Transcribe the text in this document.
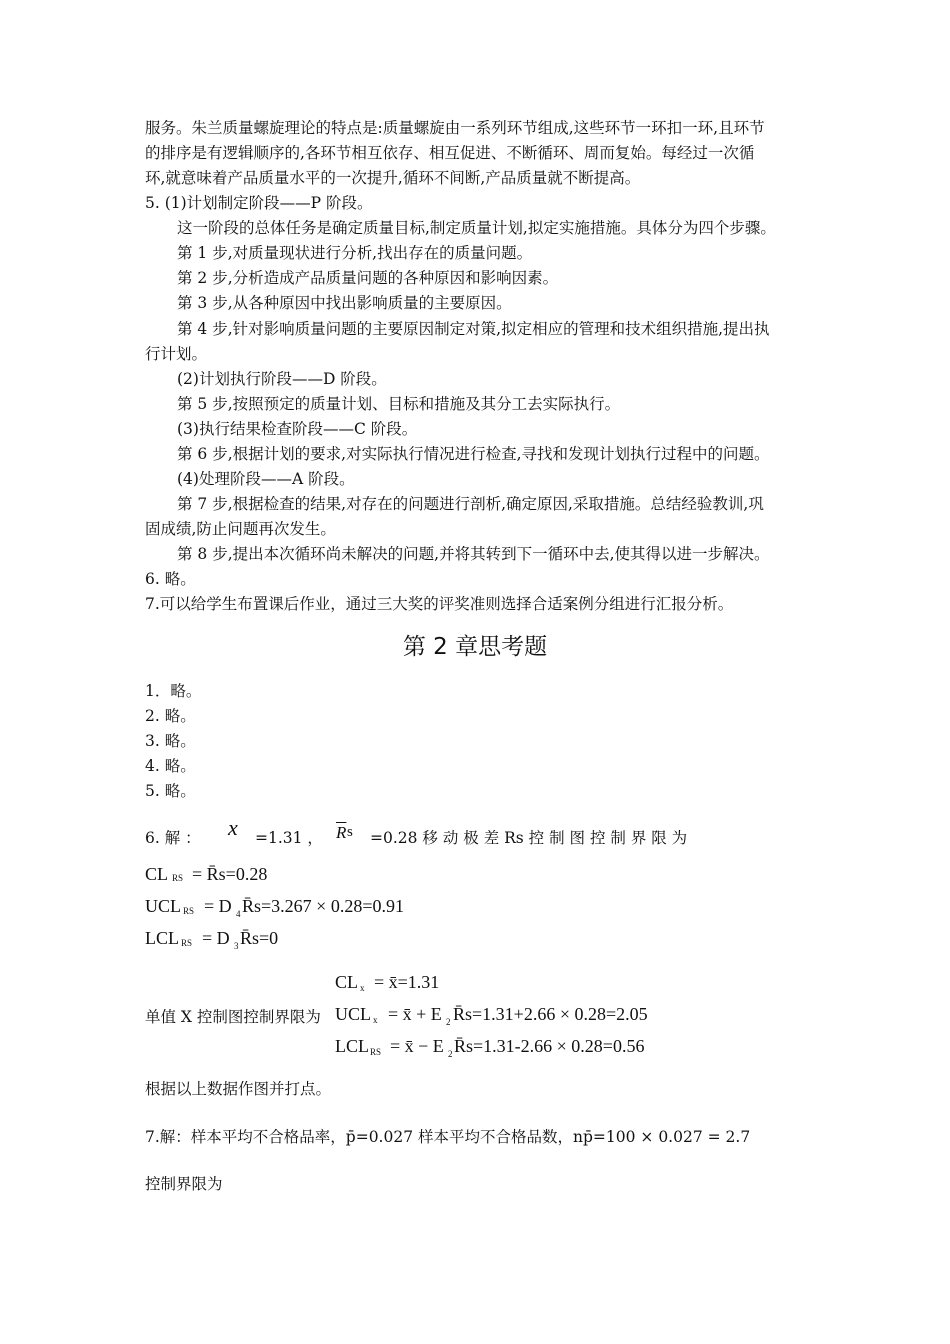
服务。朱兰质量螺旋理论的特点是:质量螺旋由一系列环节组成,这些环节一环扣一环,且环节
的排序是有逻辑顺序的,各环节相互依存、相互促进、不断循环、周而复始。每经过一次循
环,就意味着产品质量水平的一次提升,循环不间断,产品质量就不断提高。
5. (1)计划制定阶段——P 阶段。
这一阶段的总体任务是确定质量目标,制定质量计划,拟定实施措施。具体分为四个步骤。
第 1 步,对质量现状进行分析,找出存在的质量问题。
第 2 步,分析造成产品质量问题的各种原因和影响因素。
第 3 步,从各种原因中找出影响质量的主要原因。
第 4 步,针对影响质量问题的主要原因制定对策,拟定相应的管理和技术组织措施,提出执
行计划。
(2)计划执行阶段——D 阶段。
第 5 步,按照预定的质量计划、目标和措施及其分工去实际执行。
(3)执行结果检查阶段——C 阶段。
第 6 步,根据计划的要求,对实际执行情况进行检查,寻找和发现计划执行过程中的问题。
(4)处理阶段——A 阶段。
第 7 步,根据检查的结果,对存在的问题进行剖析,确定原因,采取措施。总结经验教训,巩
固成绩,防止问题再次发生。
第 8 步,提出本次循环尚未解决的问题,并将其转到下一循环中去,使其得以进一步解决。
6. 略。
7.可以给学生布置课后作业，通过三大奖的评奖准则选择合适案例分组进行汇报分析。
第 2 章思考题
1．略。
2. 略。
3. 略。
4. 略。
5. 略。
6. 解 ： x =1.31 ， $\overline{R}$ s =0.28 移 动 极 差 Rs 控 制 图 控 制 界 限 为
CL RS = R̄s=0.28
UCL RS = D 4 R̄s=3.267 × 0.28=0.91
LCL RS = D 3 R̄s=0
CL x = x̄=1.31
单值 X 控制图控制界限为 UCL x = x̄ + E 2 R̄s=1.31+2.66 × 0.28=2.05
LCL RS = x̄ − E 2 R̄s=1.31-2.66 × 0.28=0.56
根据以上数据作图并打点。
7.解：样本平均不合格品率，p̄=0.027 样本平均不合格品数，np̄=100 × 0.027 = 2.7
控制界限为
